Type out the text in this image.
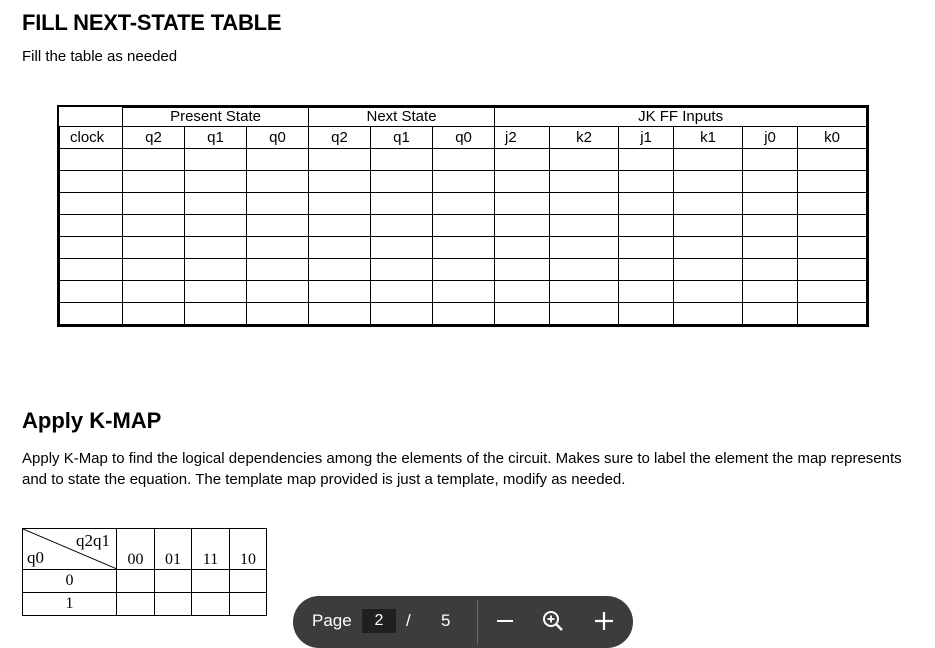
FILL NEXT-STATE TABLE

Fill the table as needed

	Present State			Next State			JK FF Inputs					
clock	q2	q1	q0	q2	q1	q0	j2	k2	j1	k1	j0	k0

Apply K-MAP

Apply K-Map to find the logical dependencies among the elements of the circuit. Makes sure to label the element the map represents and to state the equation. The template map provided is just a template, modify as needed.

q2q1
q0	00	01	11	10
0				
1				
Page	2	/ 5
